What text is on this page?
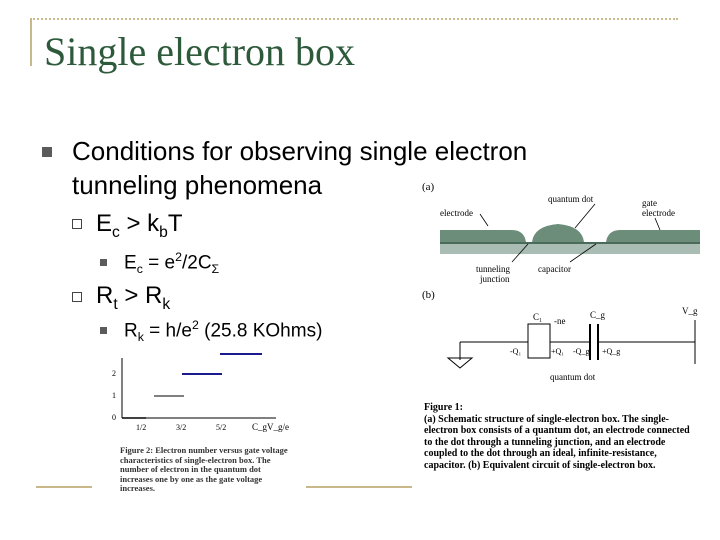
Single electron box
Conditions for observing single electron
tunneling phenomena
$E_c > k_bT$
$E_c = e^2/2C_\Sigma$
$R_t > R_k$
$R_k = h/e^2$ (25.8 KOhms)
(a)
quantum dot
electrode
gate electrode
tunneling junction
capacitor
(b)
C₁ -ne
C_g	V_g
-Q₁	+Q₁ -Q_g +Q_g
quantum dot
Figure 1:
(a) Schematic structure of single-electron box. The single-electron box consists of a quantum dot, an electrode connected to the dot through a tunneling junction, and an electrode coupled to the dot through an ideal, infinite-resistance, capacitor. (b) Equivalent circuit of single-electron box.
2
1
0
1/2	3/2	5/2	C_gV_g/e
Figure 2: Electron number versus gate voltage characteristics of single-electron box. The number of electron in the quantum dot increases one by one as the gate voltage increases.
